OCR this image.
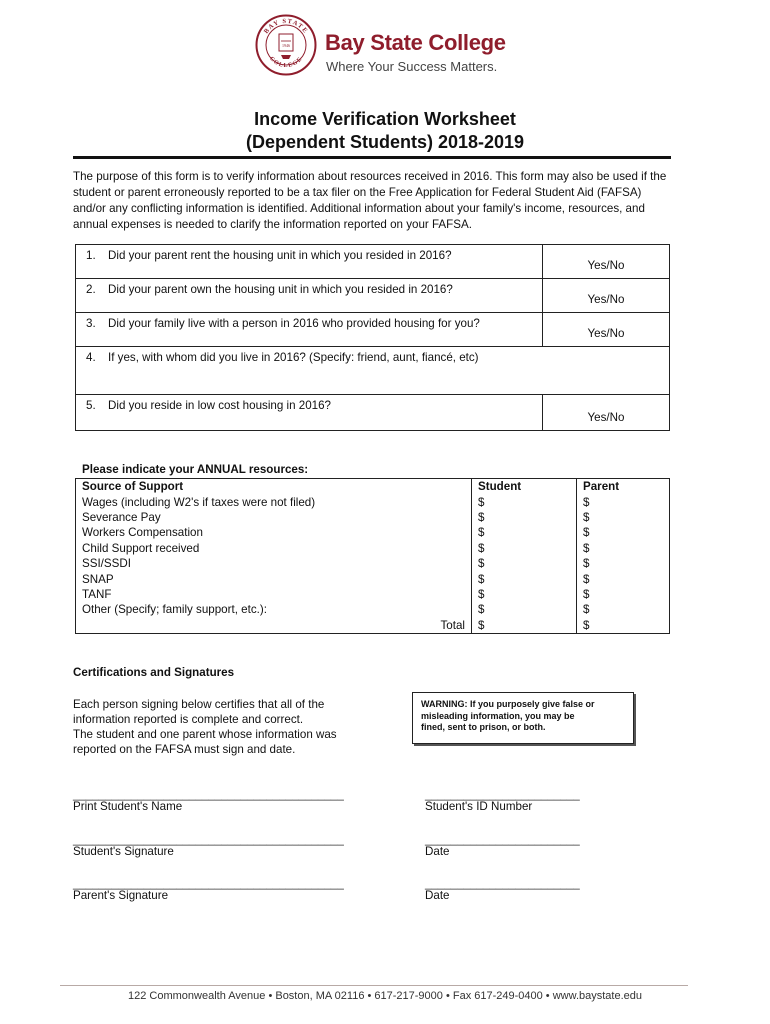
BAY STATE
COLLEGE
1946 Bay State College
Where Your Success Matters.
Income Verification Worksheet
(Dependent Students) 2018-2019
The purpose of this form is to verify information about resources received in 2016. This form may also be used if the student or parent erroneously reported to be a tax filer on the Free Application for Federal Student Aid (FAFSA) and/or any conflicting information is identified. Additional information about your family's income, resources, and annual expenses is needed to clarify the information reported on your FAFSA.
1. Did your parent rent the housing unit in which you resided in 2016?	Yes/No
2. Did your parent own the housing unit in which you resided in 2016?	Yes/No
3. Did your family live with a person in 2016 who provided housing for you?	Yes/No
4. If yes, with whom did you live in 2016? (Specify: friend, aunt, fiancé, etc)	
5. Did you reside in low cost housing in 2016?	Yes/No
Please indicate your ANNUAL resources:
Source of Support	Student	Parent
Wages (including W2's if taxes were not filed)	$	$
Severance Pay	$	$
Workers Compensation	$	$
Child Support received	$	$
SSI/SSDI	$	$
SNAP	$	$
TANF	$	$
Other (Specify; family support, etc.):	$	$
Total	$	$
Certifications and Signatures
Each person signing below certifies that all of the
information reported is complete and correct.
The student and one parent whose information was
reported on the FAFSA must sign and date.
WARNING: If you purposely give false or
misleading information, you may be
fined, sent to prison, or both.
__________________________________________
Print Student's Name
________________________
Student's ID Number
__________________________________________
Student's Signature
________________________
Date
__________________________________________
Parent's Signature
________________________
Date
122 Commonwealth Avenue • Boston, MA 02116 • 617-217-9000 • Fax 617-249-0400 • www.baystate.edu
